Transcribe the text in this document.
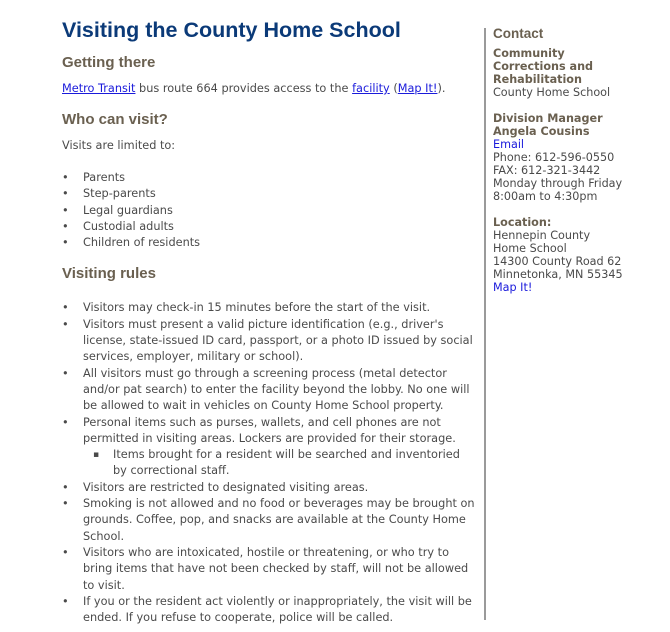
Visiting the County Home School
Getting there

Metro Transit bus route 664 provides access to the facility (Map It!).

Who can visit?

Visits are limited to:

• Parents
• Step-parents
• Legal guardians
• Custodial adults
• Children of residents
Visiting rules
• Visitors may check-in 15 minutes before the start of the visit.
• Visitors must present a valid picture identification (e.g., driver's license, state-issued ID card, passport, or a photo ID issued by social services, employer, military or school).
• All visitors must go through a screening process (metal detector and/or pat search) to enter the facility beyond the lobby. No one will be allowed to wait in vehicles on County Home School property.
• Personal items such as purses, wallets, and cell phones are not permitted in visiting areas. Lockers are provided for their storage.
▪ Items brought for a resident will be searched and inventoried by correctional staff.
• Visitors are restricted to designated visiting areas.
• Smoking is not allowed and no food or beverages may be brought on grounds. Coffee, pop, and snacks are available at the County Home School.
• Visitors who are intoxicated, hostile or threatening, or who try to bring items that have not been checked by staff, will not be allowed to visit.
• If you or the resident act violently or inappropriately, the visit will be ended. If you refuse to cooperate, police will be called.
Contact
Community
Corrections and
Rehabilitation
County Home School
Division Manager
Angela Cousins
Email
Phone: 612-596-0550
FAX: 612-321-3442
Monday through Friday
8:00am to 4:30pm
Location:
Hennepin County
Home School
14300 County Road 62
Minnetonka, MN 55345
Map It!
